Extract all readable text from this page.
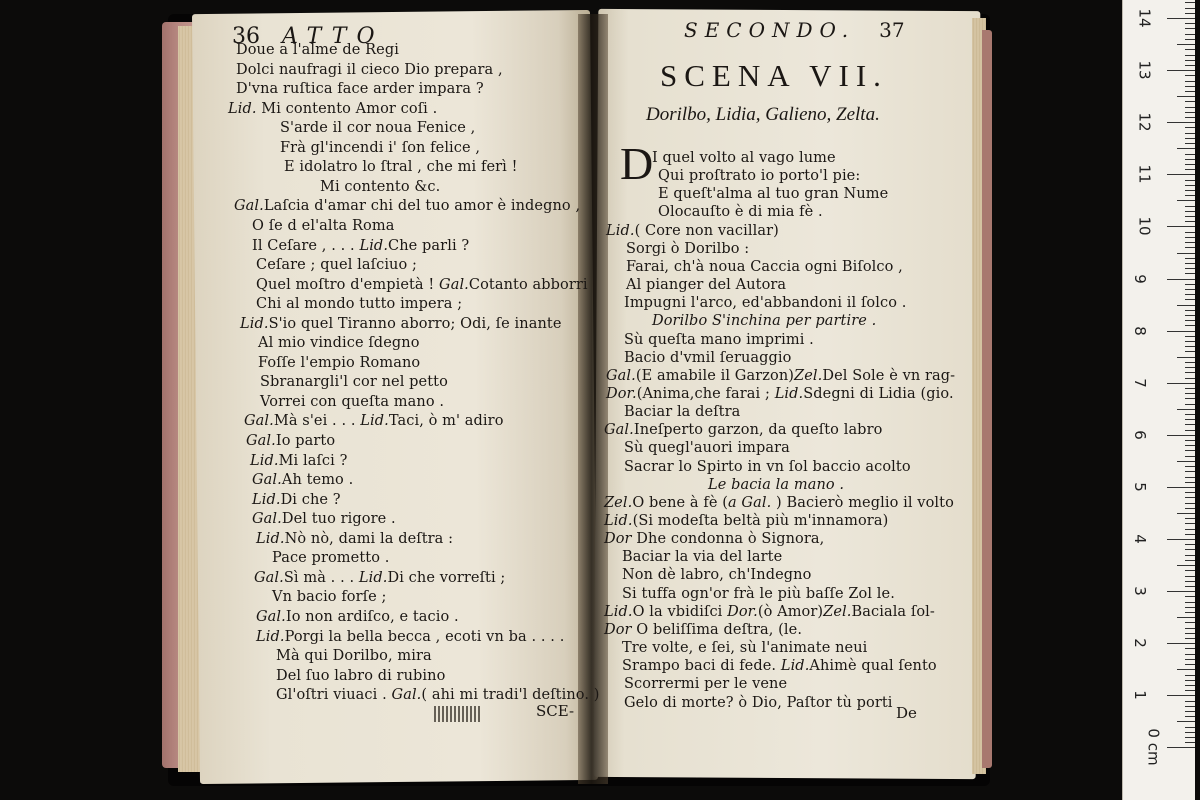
36 ATTO
Doue a l'alme de Regi
Dolci naufragi il cieco Dio prepara ,
D'vna ruſtica face arder impara ?
Lid. Mi contento Amor coſi .
S'arde il cor noua Fenice ,
Frà gl'incendi i' ſon felice ,
E idolatro lo ſtral , che mi ferì !
Mi contento &c.
Gal.Laſcia d'amar chi del tuo amor è indegno ,
O ſe d el'alta Roma
Il Ceſare , . . . Lid.Che parli ?
Ceſare ; quel laſciuo ;
Quel moſtro d'empietà ! Gal.Cotanto abborri
Chi al mondo tutto impera ;
Lid.S'io quel Tiranno aborro; Odi, ſe inante
Al mio vindice ſdegno
Foſſe l'empio Romano
Sbranargli'l cor nel petto
Vorrei con queſta mano .
Gal.Mà s'ei . . . Lid.Taci, ò m' adiro
Gal.Io parto
Lid.Mi laſci ?
Gal.Ah temo .
Lid.Di che ?
Gal.Del tuo rigore .
Lid.Nò nò, dami la deſtra :
Pace prometto .
Gal.Sì mà . . . Lid.Di che vorreſti ;
Vn bacio forſe ;
Gal.Io non ardiſco, e tacio .
Lid.Porgi la bella becca , ecoti vn ba . . . .
Mà qui Dorilbo, mira
Del ſuo labro di rubino
Gl'oſtri viuaci . Gal.( ahi mi tradi'l deſtino. )
SCE-
SECONDO. 37
SCENA VII.
Dorilbo, Lidia, Galieno, Zelta.
D
I quel volto al vago lume
Qui proſtrato io porto'l pie:
E queſt'alma al tuo gran Nume
Olocauſto è di mia fè .
Lid.( Core non vacillar)
Sorgi ò Dorilbo :
Farai, ch'à noua Caccia ogni Biſolco ,
Al pianger del Autora
Impugni l'arco, ed'abbandoni il ſolco .
Dorilbo S'inchina per partire .
Sù queſta mano imprimi .
Bacio d'vmil ſeruaggio
Gal.(E amabile il Garzon)Zel.Del Sole è vn rag-
Dor.(Anima,che farai ; Lid.Sdegni di Lidia (gio.
Baciar la deſtra
Gal.Ineſperto garzon, da queſto labro
Sù quegl'auori impara
Sacrar lo Spirto in vn ſol baccio acolto
Le bacia la mano .
Zel.O bene à fè (a Gal. ) Bacierò meglio il volto
Lid.(Si modeſta beltà più m'innamora)
Dor Dhe condonna ò Signora,
Baciar la via del larte
Non dè labro, ch'Indegno
Si tuffa ogn'or frà le più baſſe Zol le.
Lid.O la vbidiſci Dor.(ò Amor)Zel.Baciala ſol-
Dor O beliſſima deſtra, (le.
Tre volte, e ſei, sù l'animate neui
Srampo baci di fede. Lid.Ahimè qual ſento
Scorrermi per le vene
Gelo di morte? ò Dio, Paſtor tù porti
De
14
13
12
11
10
9
8
7
6
5
4
3
2
1
0 cm
